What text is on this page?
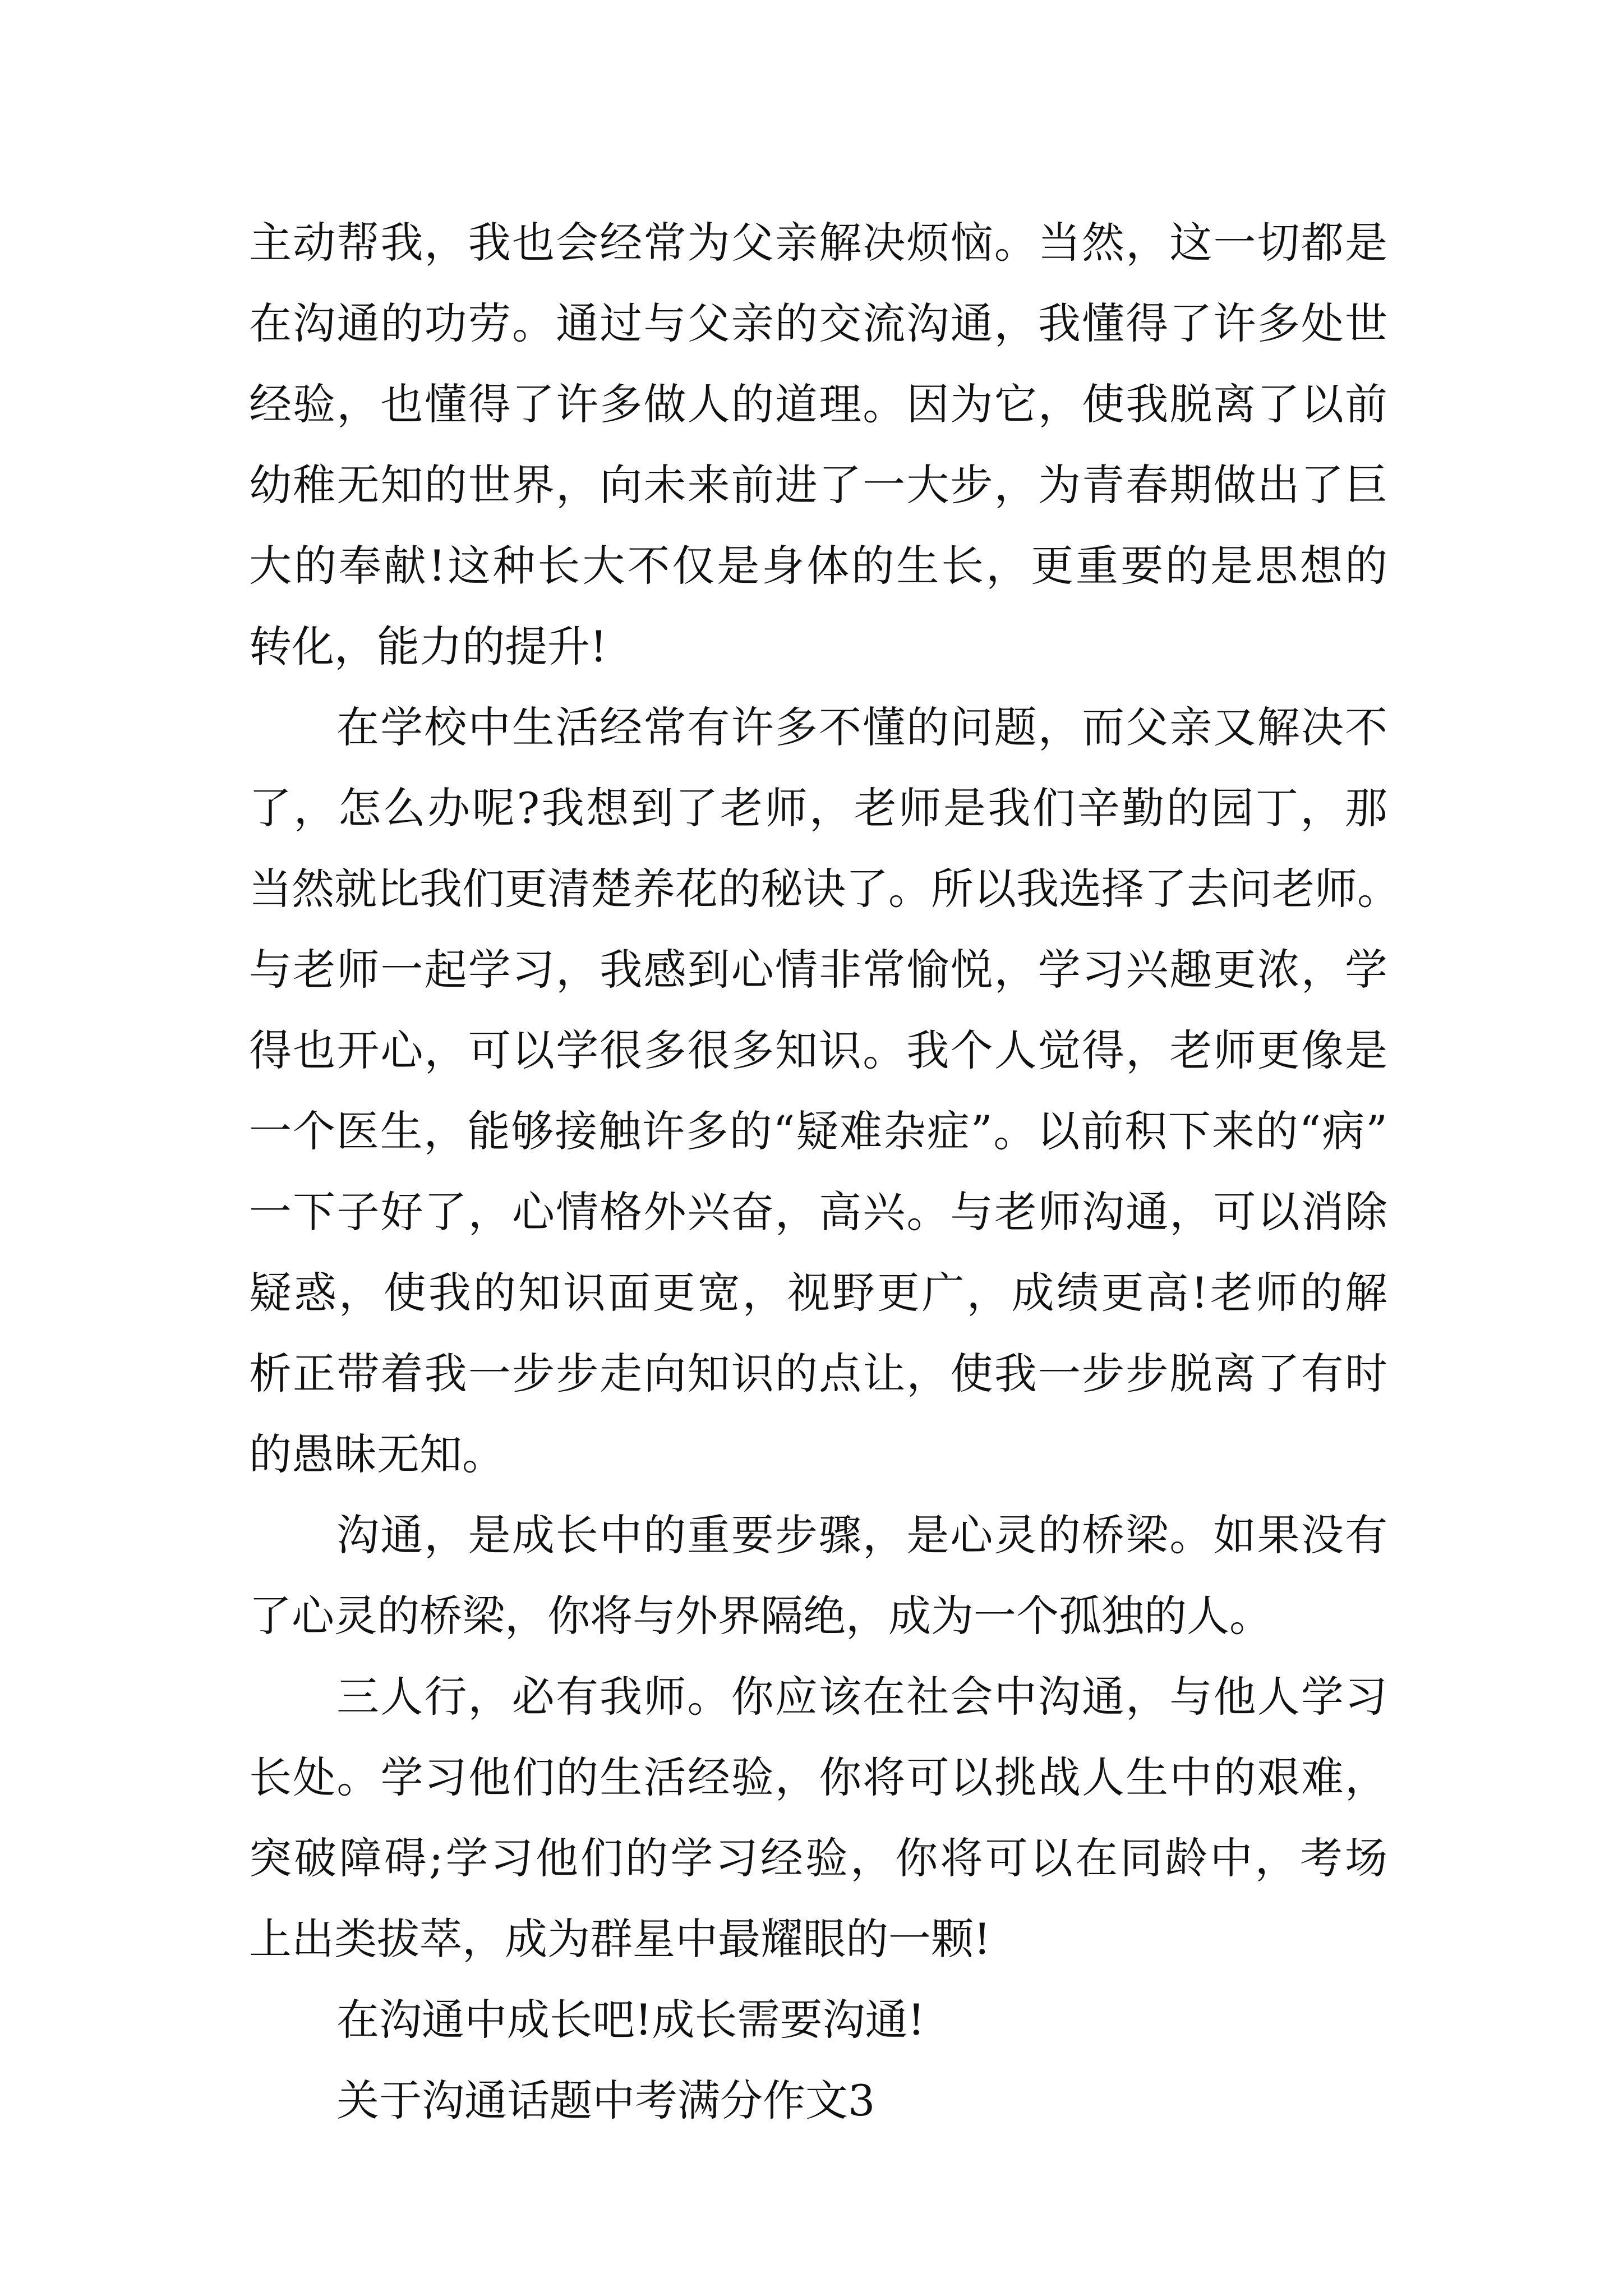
主动帮我，我也会经常为父亲解决烦恼。当然，这一切都是
在沟通的功劳。通过与父亲的交流沟通，我懂得了许多处世
经验，也懂得了许多做人的道理。因为它，使我脱离了以前
幼稚无知的世界，向未来前进了一大步，为青春期做出了巨
大的奉献!这种长大不仅是身体的生长，更重要的是思想的
转化，能力的提升!
在学校中生活经常有许多不懂的问题，而父亲又解决不
了，怎么办呢?我想到了老师，老师是我们辛勤的园丁，那
当然就比我们更清楚养花的秘诀了。所以我选择了去问老师。
与老师一起学习，我感到心情非常愉悦，学习兴趣更浓，学
得也开心，可以学很多很多知识。我个人觉得，老师更像是
一个医生，能够接触许多的“疑难杂症”。以前积下来的“病”
一下子好了，心情格外兴奋，高兴。与老师沟通，可以消除
疑惑，使我的知识面更宽，视野更广，成绩更高!老师的解
析正带着我一步步走向知识的点让，使我一步步脱离了有时
的愚昧无知。
沟通，是成长中的重要步骤，是心灵的桥梁。如果没有
了心灵的桥梁，你将与外界隔绝，成为一个孤独的人。
三人行，必有我师。你应该在社会中沟通，与他人学习
长处。学习他们的生活经验，你将可以挑战人生中的艰难，
突破障碍;学习他们的学习经验，你将可以在同龄中，考场
上出类拔萃，成为群星中最耀眼的一颗!
在沟通中成长吧!成长需要沟通!
关于沟通话题中考满分作文3
